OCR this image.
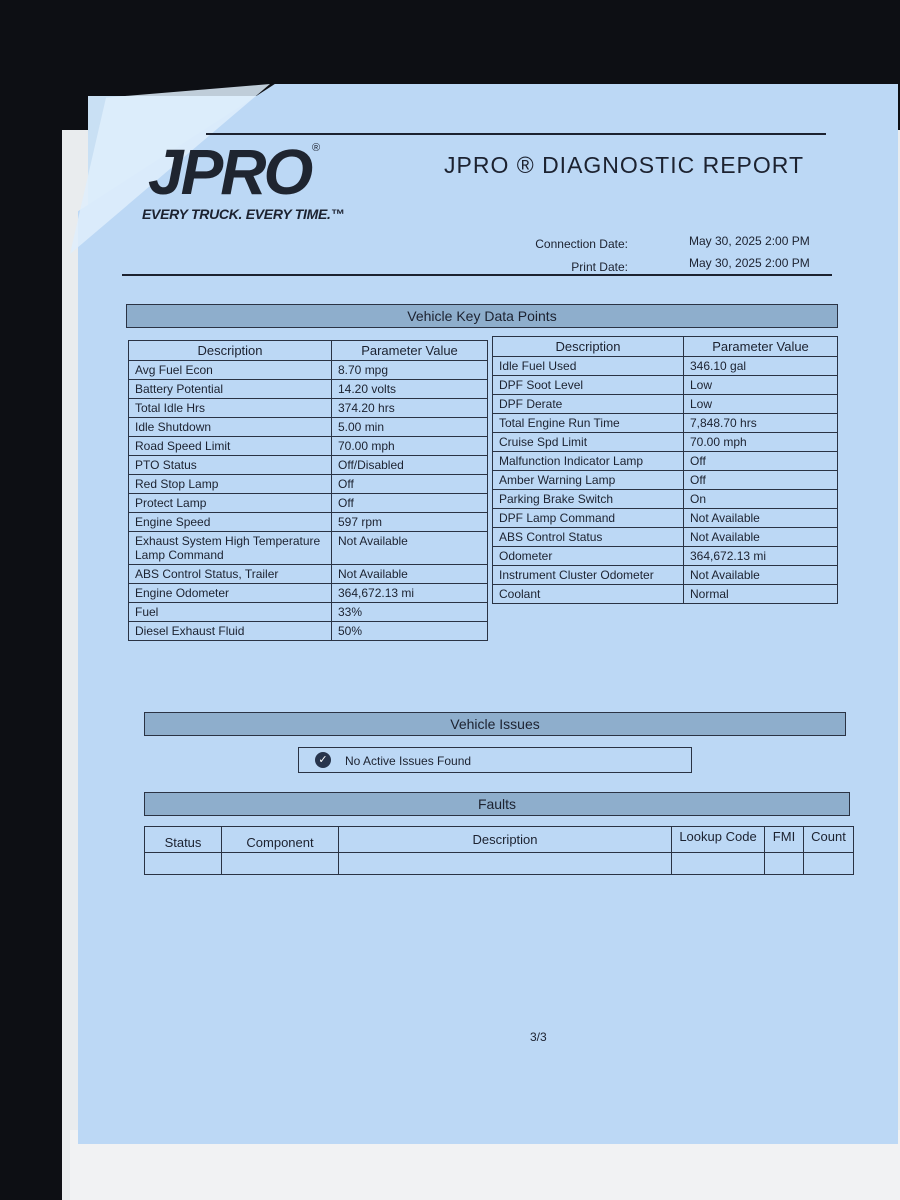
JPRO ®
EVERY TRUCK. EVERY TIME.™
JPRO ® DIAGNOSTIC REPORT
Connection Date:	May 30, 2025 2:00 PM
Print Date:	May 30, 2025 2:00 PM
Vehicle Key Data Points
Description	Parameter Value
Avg Fuel Econ	8.70 mpg
Battery Potential	14.20 volts
Total Idle Hrs	374.20 hrs
Idle Shutdown	5.00 min
Road Speed Limit	70.00 mph
PTO Status	Off/Disabled
Red Stop Lamp	Off
Protect Lamp	Off
Engine Speed	597 rpm
Exhaust System High Temperature Lamp Command	Not Available
ABS Control Status, Trailer	Not Available
Engine Odometer	364,672.13 mi
Fuel	33%
Diesel Exhaust Fluid	50%
Description	Parameter Value
Idle Fuel Used	346.10 gal
DPF Soot Level	Low
DPF Derate	Low
Total Engine Run Time	7,848.70 hrs
Cruise Spd Limit	70.00 mph
Malfunction Indicator Lamp	Off
Amber Warning Lamp	Off
Parking Brake Switch	On
DPF Lamp Command	Not Available
ABS Control Status	Not Available
Odometer	364,672.13 mi
Instrument Cluster Odometer	Not Available
Coolant	Normal
Vehicle Issues
✓ No Active Issues Found
Faults
Status	Component	Description	Lookup Code	FMI	Count

3/3
